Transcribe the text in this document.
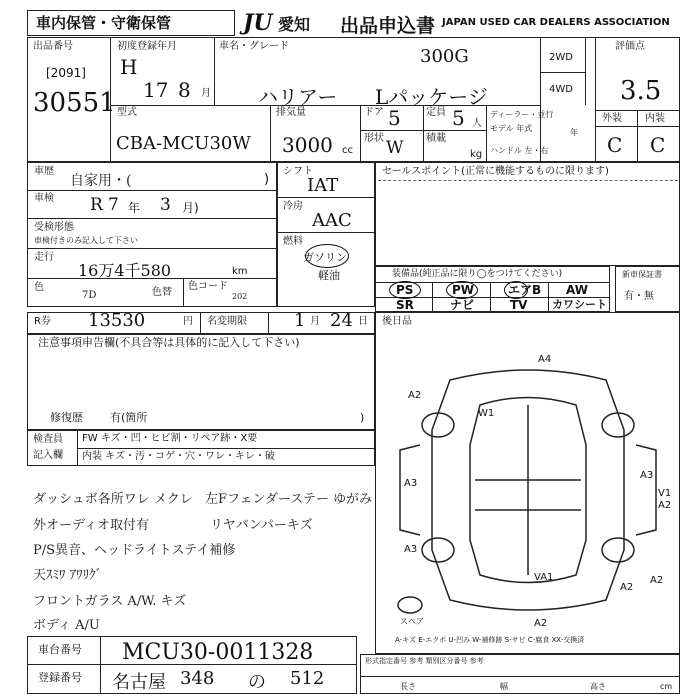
車内保管・守衛保管	JU 愛知 出品申込書 JAPAN USED CAR DEALERS ASSOCIATION
出品番号
[2091]
30551
初度登録年月
H
17 8 月
車名・グレード	300G
ハリアー Lパッケージ
2WD
4WD
評価点
3.5
外装 内装
C C
型式
CBA-MCU30W
排気量
3000 cc
ドア 5	定員 5 人
形状 W 積載
kg
ディーラー・並行
モデル 年式	年
ハンドル 左・右
車歴
自家用・(	)
車検 R 7 年 3 月)
受検形態
車検付きのみ記入して下さい
走行
16万4千580	km
色
7D	色替
色コード
202
シフト
IAT
冷房
AAC
燃料
ガソリン
軽油
セールスポイント(正常に機能するものに限ります)
装備品(純正品に限り◯をつけてください)
PS	PW	エアB AW
SR	ナビ	TV カワシート
新車保証書
有・無
R券 13530	円 名変期限	1 月 24 日
注意事項申告欄(不具合等は具体的に記入して下さい)
修復歴 有(箇所	)
検査員
記入欄
FW キズ・凹・ヒビ割・リペア跡・X要
内装 キズ・汚・コゲ・穴・ワレ・キレ・破
ダッシュボ各所ワレ メクレ 左Fフェンダーステー ゆがみ
外オーディオ取付有	リヤバンパーキズ
P/S異音、ヘッドライトステイ補修
天ｽﾐﾜ ｱﾜﾘｸﾞ
フロントガラス A/W. キズ
ボディ A/U
車台番号 MCU30-0011328
登録番号 名古屋 348 の 512
後日品
A4
A2
W1
A3
A3
A2
V1
A2
A3
VA1
A2
A2
スペア
A-キズ E-エクボ U-凹み W-補修跡 S-サビ C-腐食 XX-交換済
形式指定番号 参考 類別区分番号 参考
長さ	幅	高さ	cm
